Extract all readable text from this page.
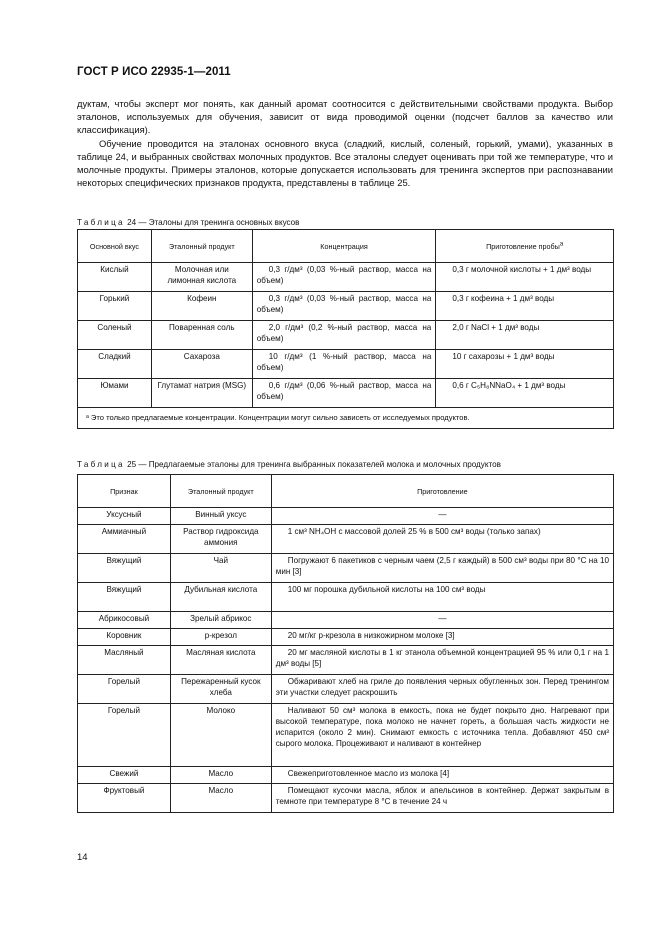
ГОСТ Р ИСО 22935-1—2011

дуктам, чтобы эксперт мог понять, как данный аромат соотносится с действительными свойствами продукта. Выбор эталонов, используемых для обучения, зависит от вида проводимой оценки (подсчет баллов за качество или классификация).

Обучение проводится на эталонах основного вкуса (сладкий, кислый, соленый, горький, умами), указанных в таблице 24, и выбранных свойствах молочных продуктов. Все эталоны следует оценивать при той же температуре, что и молочные продукты. Примеры эталонов, которые допускается использовать для тренинга экспертов при распознавании некоторых специфических признаков продукта, представлены в таблице 25.

Таблица 24 — Эталоны для тренинга основных вкусов
Основной вкус	Эталонный продукт	Концентрация	Приготовление пробы$^a$
Кислый	Молочная или лимонная кислота	0,3 г/дм³ (0,03 %-ный раствор, масса на объем)	0,3 г молочной кислоты + 1 дм³ воды
Горький	Кофеин	0,3 г/дм³ (0,03 %-ный раствор, масса на объем)	0,3 г кофеина + 1 дм³ воды
Соленый	Поваренная соль	2,0 г/дм³ (0,2 %-ный раствор, масса на объем)	2,0 г NaCl + 1 дм³ воды
Сладкий	Сахароза	10 г/дм³ (1 %-ный раствор, масса на объем)	10 г сахарозы + 1 дм³ воды
Юмами	Глутамат натрия (MSG)	0,6 г/дм³ (0,06 %-ный раствор, масса на объем)	0,6 г C₅H₈NNaO₄ + 1 дм³ воды
ᵃ Это только предлагаемые концентрации. Концентрации могут сильно зависеть от исследуемых продуктов.			
Таблица 25 — Предлагаемые эталоны для тренинга выбранных показателей молока и молочных продуктов
Признак	Эталонный продукт	Приготовление
Уксусный	Винный уксус	—
Аммиачный	Раствор гидроксида аммония	1 см³ NH₄OH с массовой долей 25 % в 500 см³ воды (только запах)
Вяжущий	Чай	Погружают 6 пакетиков с черным чаем (2,5 г каждый) в 500 см³ воды при 80 °С на 10 мин [3]
Вяжущий	Дубильная кислота	100 мг порошка дубильной кислоты на 100 см³ воды
Абрикосовый	Зрелый абрикос	—
Коровник	р-крезол	20 мг/кг р-крезола в низкожирном молоке [3]
Масляный	Масляная кислота	20 мг масляной кислоты в 1 кг этанола объемной концентрацией 95 % или 0,1 г на 1 дм³ воды [5]
Горелый	Пережаренный кусок хлеба	Обжаривают хлеб на гриле до появления черных обугленных зон. Перед тренингом эти участки следует раскрошить
Горелый	Молоко	Наливают 50 см³ молока в емкость, пока не будет покрыто дно. Нагревают при высокой температуре, пока молоко не начнет гореть, а большая часть жидкости не испарится (около 2 мин). Снимают емкость с источника тепла. Добавляют 450 см³ сырого молока. Процеживают и наливают в контейнер
Свежий	Масло	Свежеприготовленное масло из молока [4]
Фруктовый	Масло	Помещают кусочки масла, яблок и апельсинов в контейнер. Держат закрытым в темноте при температуре 8 °С в течение 24 ч
14
